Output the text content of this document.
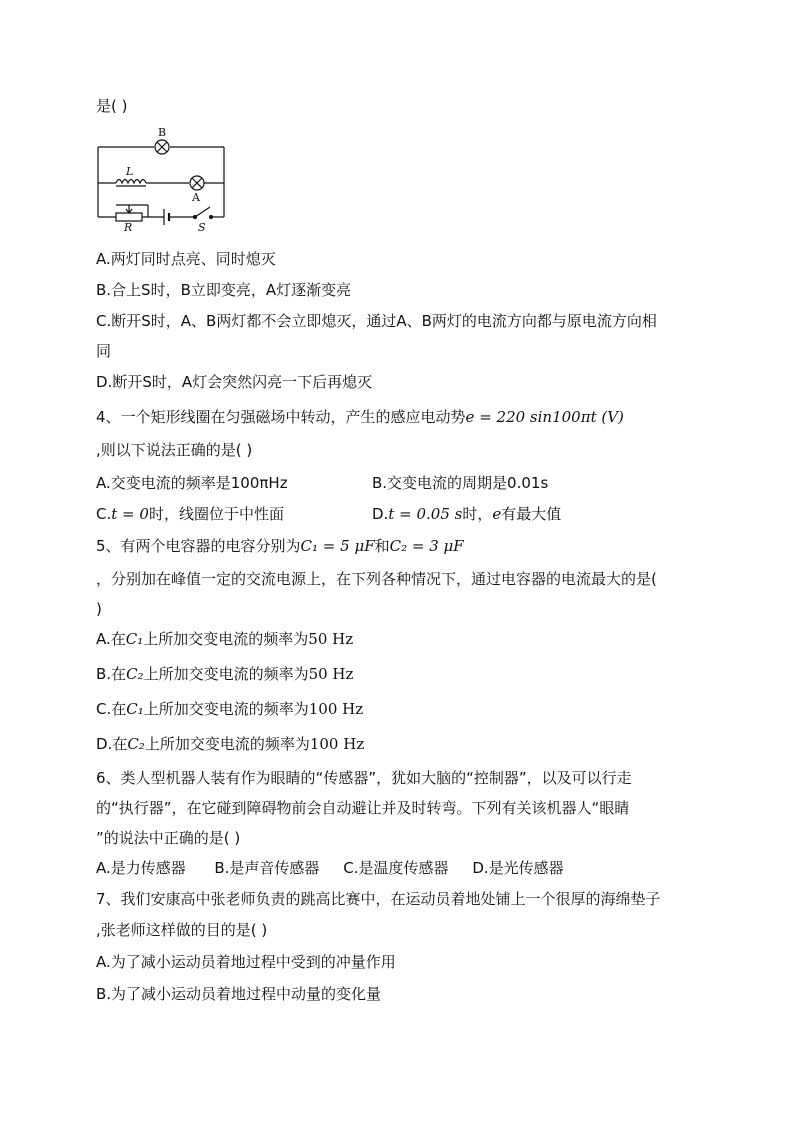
是( )
B
L
A
R	S
A.两灯同时点亮、同时熄灭
B.合上S时，B立即变亮，A灯逐渐变亮
C.断开S时，A、B两灯都不会立即熄灭，通过A、B两灯的电流方向都与原电流方向相
同
D.断开S时，A灯会突然闪亮一下后再熄灭
4、一个矩形线圈在匀强磁场中转动，产生的感应电动势e = 220 sin100πt (V)
,则以下说法正确的是( )
A.交变电流的频率是100πHz	B.交变电流的周期是0.01s
C.t = 0时，线圈位于中性面	D.t = 0.05 s时，e有最大值
5、有两个电容器的电容分别为C₁ = 5 μF和C₂ = 3 μF
，分别加在峰值一定的交流电源上，在下列各种情况下，通过电容器的电流最大的是(
)
A.在C₁上所加交变电流的频率为50 Hz
B.在C₂上所加交变电流的频率为50 Hz
C.在C₁上所加交变电流的频率为100 Hz
D.在C₂上所加交变电流的频率为100 Hz
6、类人型机器人装有作为眼睛的“传感器”，犹如大脑的“控制器”，以及可以行走
的“执行器”，在它碰到障碍物前会自动避让并及时转弯。下列有关该机器人“眼睛
”的说法中正确的是( )
A.是力传感器      B.是声音传感器     C.是温度传感器     D.是光传感器
7、我们安康高中张老师负责的跳高比赛中，在运动员着地处铺上一个很厚的海绵垫子
,张老师这样做的目的是( )
A.为了减小运动员着地过程中受到的冲量作用
B.为了减小运动员着地过程中动量的变化量
